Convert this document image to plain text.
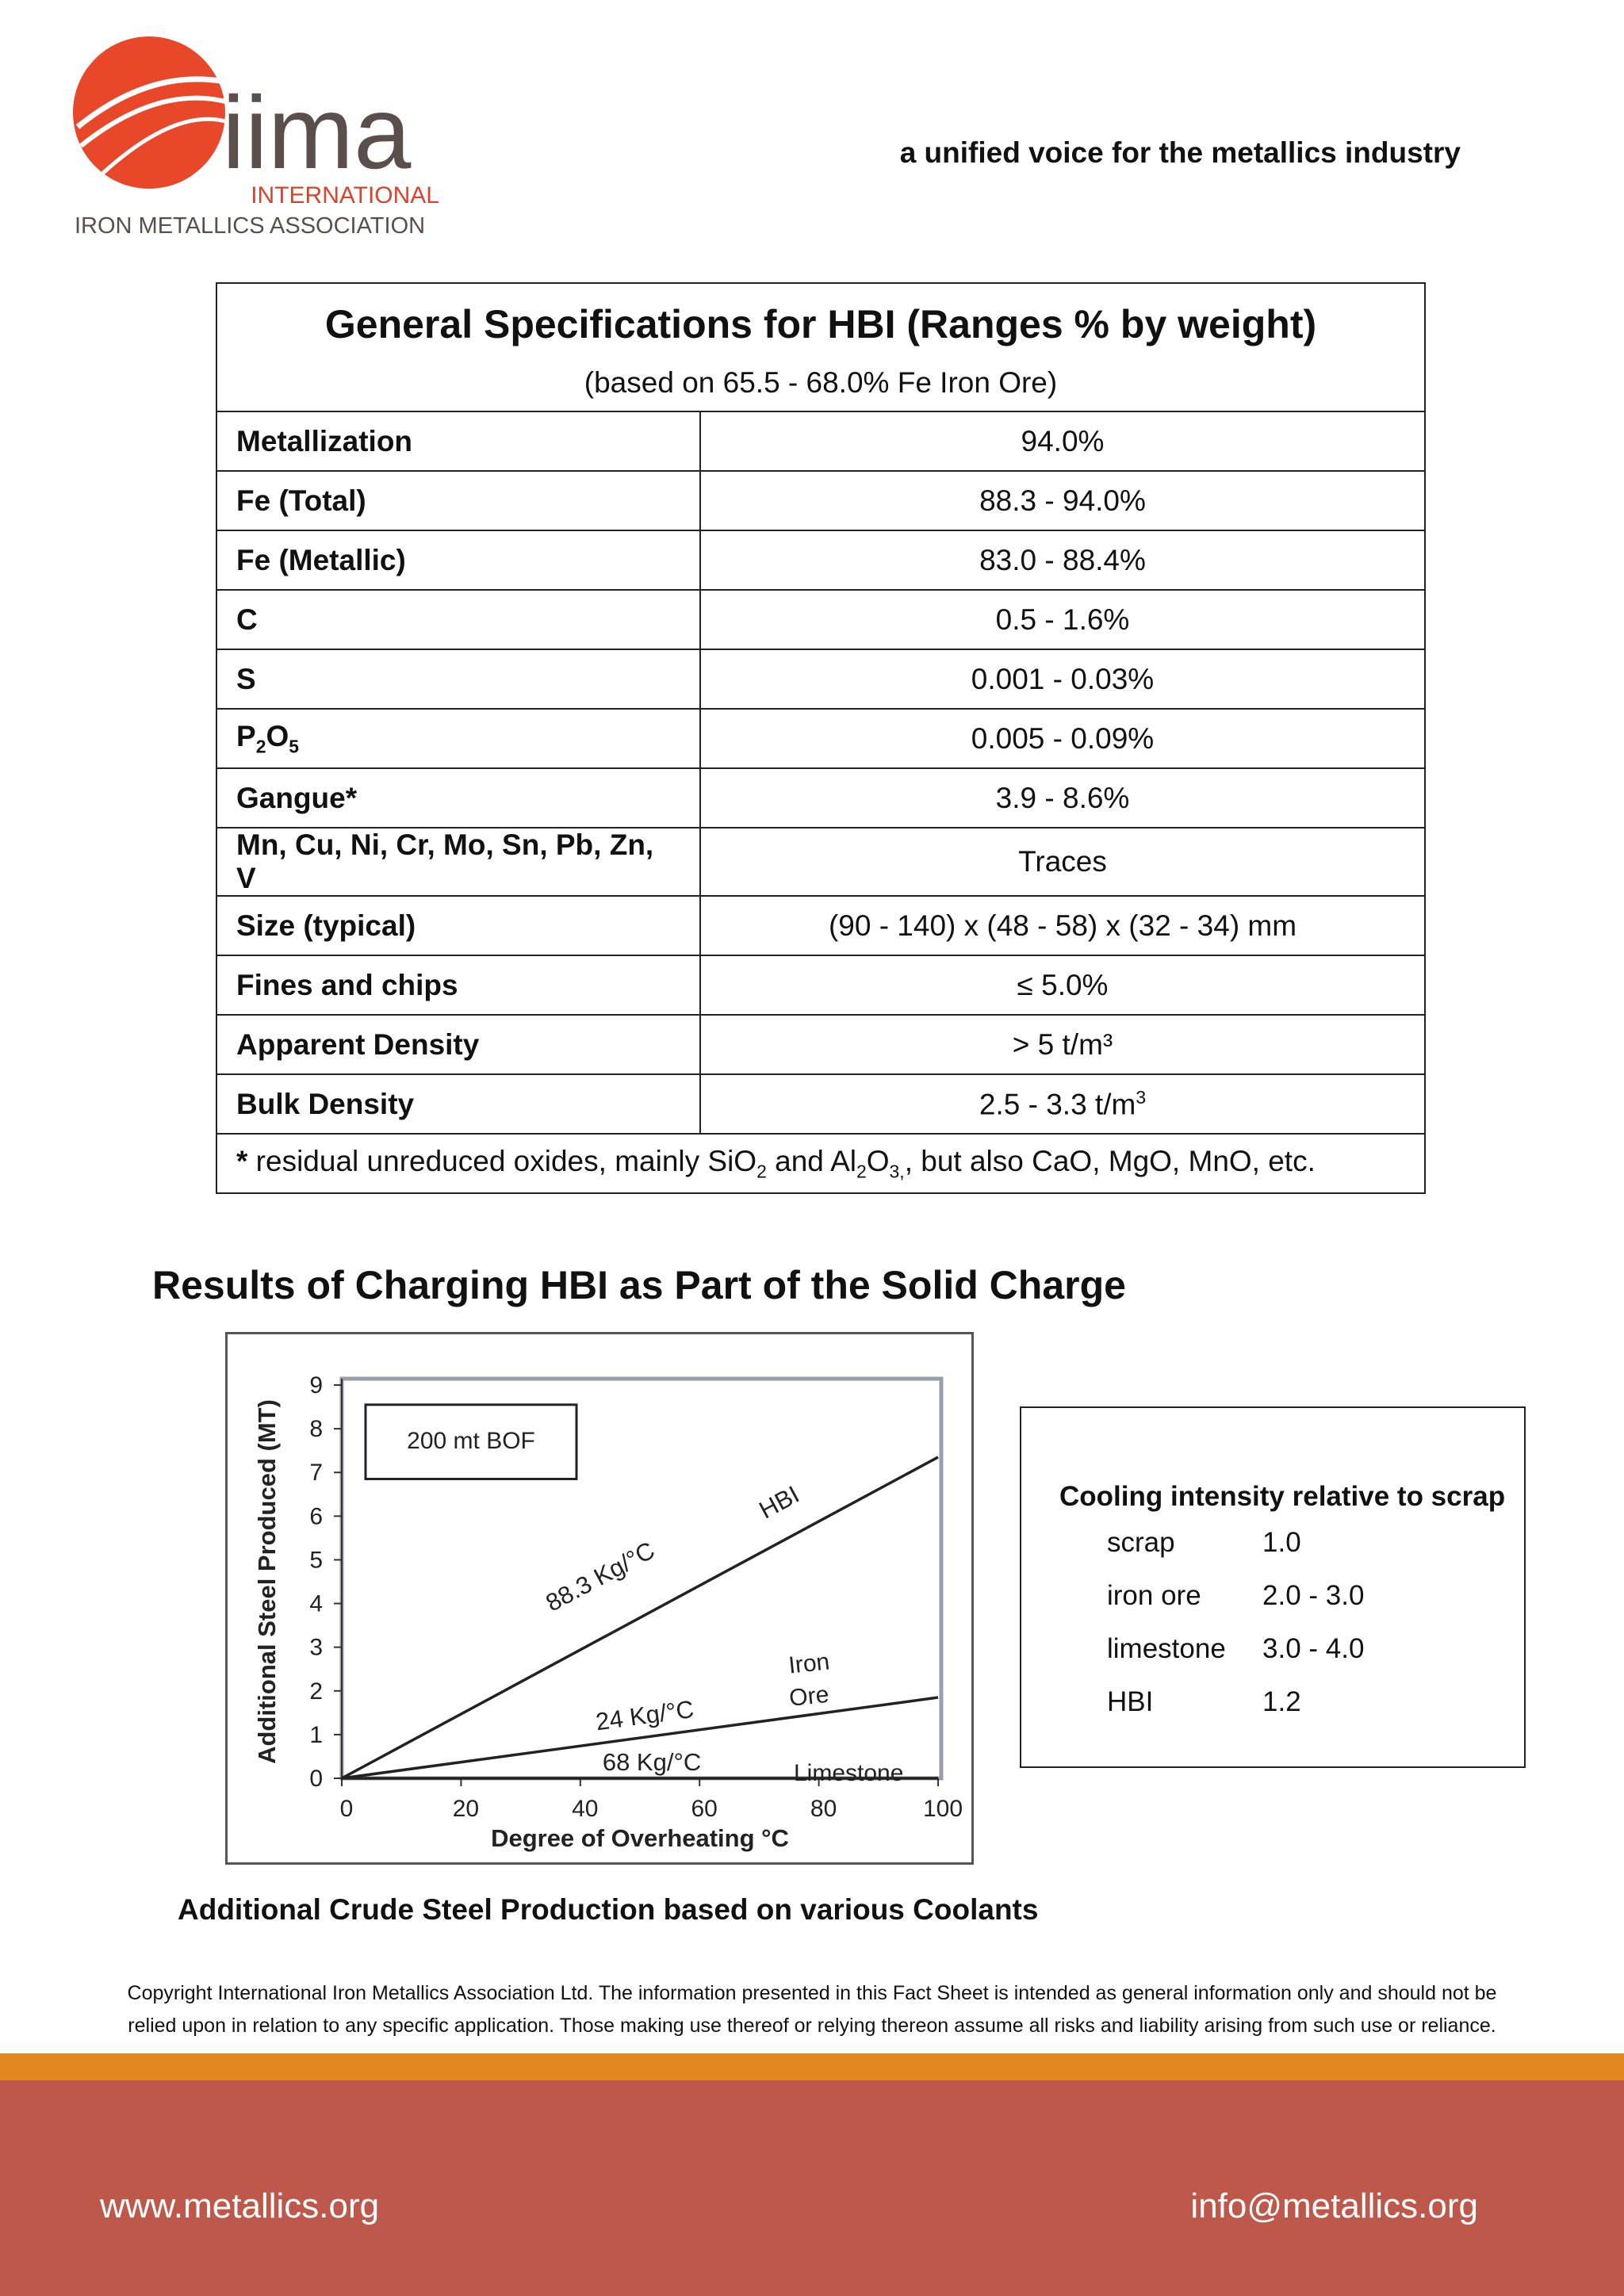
iima
INTERNATIONAL
IRON METALLICS ASSOCIATION
a unified voice for the metallics industry
General Specifications for HBI (Ranges % by weight)
(based on 65.5 - 68.0% Fe Iron Ore)	

Metallization	94.0%
Fe (Total)	88.3 - 94.0%
Fe (Metallic)	83.0 - 88.4%
C	0.5 - 1.6%
S	0.001 - 0.03%
$P_2O_5$	0.005 - 0.09%
Gangue*	3.9 - 8.6%
Mn, Cu, Ni, Cr, Mo, Sn, Pb, Zn, V	Traces
Size (typical)	(90 - 140) x (48 - 58) x (32 - 34) mm
Fines and chips	≤ 5.0%
Apparent Density	> 5 t/m³
Bulk Density	2.5 - 3.3 $t/m^3$
* residual unreduced oxides, mainly SiO$_2$ and $Al_2O_{3,}$, but also CaO, MgO, MnO, etc.	
Results of Charging HBI as Part of the Solid Charge
0
1
2
3
4
5
6
7
8
9
0	20	40	60	80	100
Degree of Overheating °C
Additional Steel Produced (MT)	200 mt BOF
88.3 Kg/°C
HBI
24 Kg/°C
Iron
Ore
68 Kg/°C	Limestone
Additional Crude Steel Production based on various Coolants
Cooling intensity relative to scrap
scrap	1.0
iron ore	2.0 - 3.0
limestone	3.0 - 4.0
HBI	1.2
Copyright International Iron Metallics Association Ltd. The information presented in this Fact Sheet is intended as general information only and should not be
relied upon in relation to any specific application. Those making use thereof or relying thereon assume all risks and liability arising from such use or reliance.
www.metallics.org	info@metallics.org
